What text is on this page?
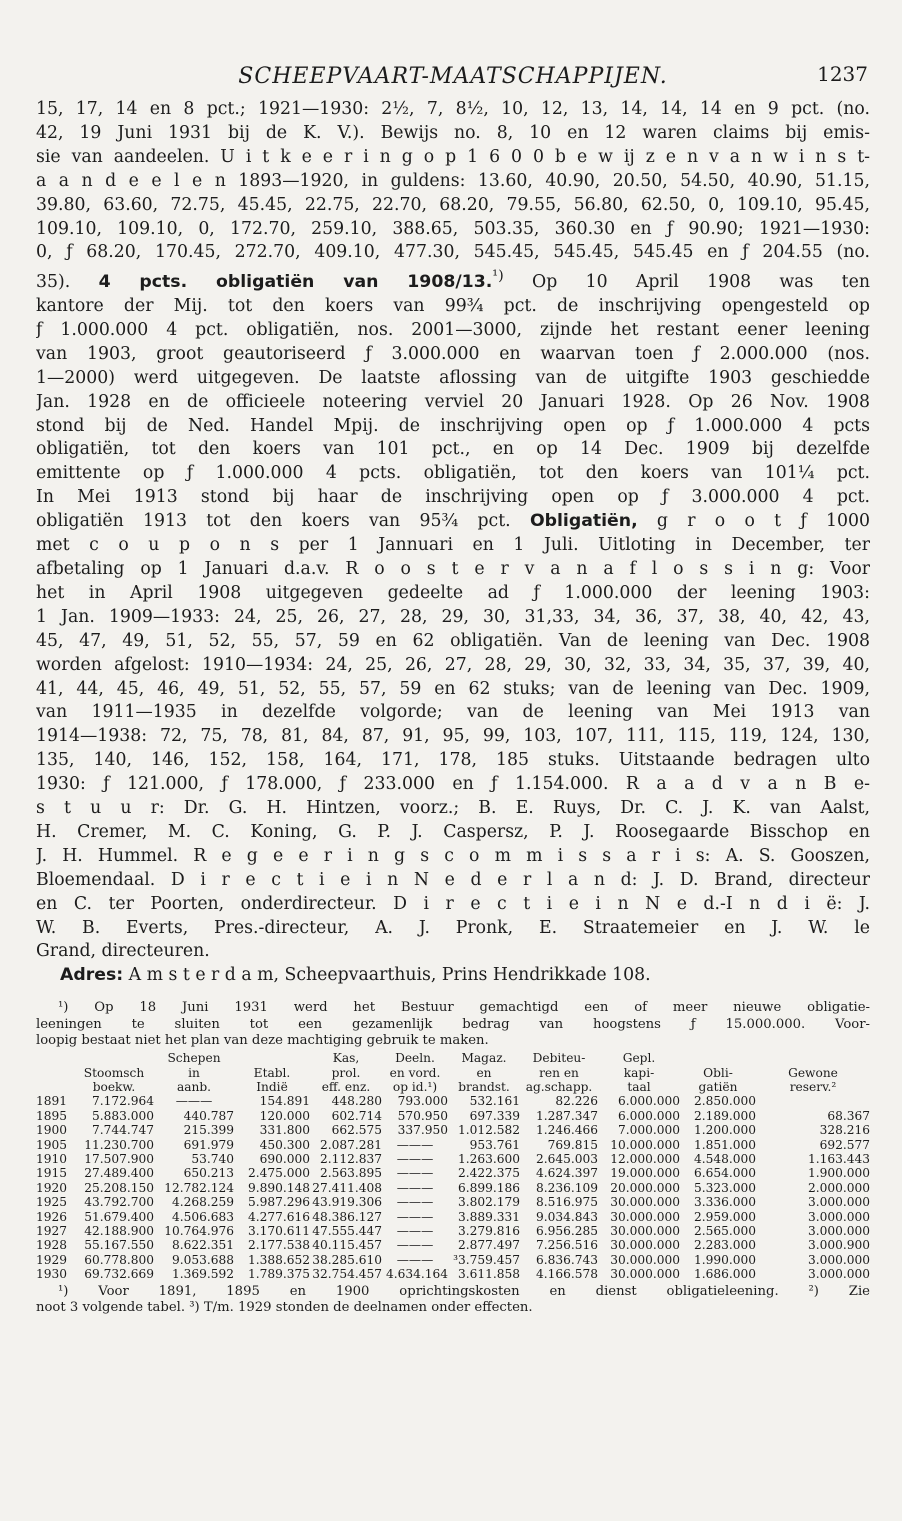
SCHEEPVAART-MAATSCHAPPIJEN.	1237
15, 17, 14 en 8 pct.; 1921—1930: 2½, 7, 8½, 10, 12, 13, 14, 14, 14 en 9 pct. (no.
42, 19 Juni 1931 bij de K. V.). Bewijs no. 8, 10 en 12 waren claims bij emis-
sie van aandeelen. U i t k e e r i n g o p 1 6 0 0 b e w ij z e n v a n w i n s t-
a a n d e e l e n 1893—1920, in guldens: 13.60, 40.90, 20.50, 54.50, 40.90, 51.15,
39.80, 63.60, 72.75, 45.45, 22.75, 22.70, 68.20, 79.55, 56.80, 62.50, 0, 109.10, 95.45,
109.10, 109.10, 0, 172.70, 259.10, 388.65, 503.35, 360.30 en ƒ 90.90; 1921—1930:
0, ƒ 68.20, 170.45, 272.70, 409.10, 477.30, 545.45, 545.45, 545.45 en ƒ 204.55 (no.
35). 4 pcts. obligatiën van 1908/13.$^{^1)}$ Op 10 April 1908 was ten
kantore der Mij. tot den koers van 99¾ pct. de inschrijving opengesteld op
ƒ 1.000.000 4 pct. obligatiën, nos. 2001—3000, zijnde het restant eener leening
van 1903, groot geautoriseerd ƒ 3.000.000 en waarvan toen ƒ 2.000.000 (nos.
1—2000) werd uitgegeven. De laatste aflossing van de uitgifte 1903 geschiedde
Jan. 1928 en de officieele noteering verviel 20 Januari 1928. Op 26 Nov. 1908
stond bij de Ned. Handel Mpij. de inschrijving open op ƒ 1.000.000 4 pcts
obligatiën, tot den koers van 101 pct., en op 14 Dec. 1909 bij dezelfde
emittente op ƒ 1.000.000 4 pcts. obligatiën, tot den koers van 101¼ pct.
In Mei 1913 stond bij haar de inschrijving open op ƒ 3.000.000 4 pct.
obligatiën 1913 tot den koers van 95¾ pct. Obligatiën, g r o o t ƒ 1000
met c o u p o n s per 1 Jannuari en 1 Juli. Uitloting in December, ter
afbetaling op 1 Januari d.a.v. R o o s t e r v a n a f l o s s i n g: Voor
het in April 1908 uitgegeven gedeelte ad ƒ 1.000.000 der leening 1903:
1 Jan. 1909—1933: 24, 25, 26, 27, 28, 29, 30, 31,33, 34, 36, 37, 38, 40, 42, 43,
45, 47, 49, 51, 52, 55, 57, 59 en 62 obligatiën. Van de leening van Dec. 1908
worden afgelost: 1910—1934: 24, 25, 26, 27, 28, 29, 30, 32, 33, 34, 35, 37, 39, 40,
41, 44, 45, 46, 49, 51, 52, 55, 57, 59 en 62 stuks; van de leening van Dec. 1909,
van 1911—1935 in dezelfde volgorde; van de leening van Mei 1913 van
1914—1938: 72, 75, 78, 81, 84, 87, 91, 95, 99, 103, 107, 111, 115, 119, 124, 130,
135, 140, 146, 152, 158, 164, 171, 178, 185 stuks. Uitstaande bedragen ulto
1930: ƒ 121.000, ƒ 178.000, ƒ 233.000 en ƒ 1.154.000. R a a d v a n B e-
s t u u r: Dr. G. H. Hintzen, voorz.; B. E. Ruys, Dr. C. J. K. van Aalst,
H. Cremer, M. C. Koning, G. P. J. Caspersz, P. J. Roosegaarde Bisschop en
J. H. Hummel. R e g e e r i n g s c o m m i s s a r i s: A. S. Gooszen,
Bloemendaal. D i r e c t i e i n N e d e r l a n d: J. D. Brand, directeur
en C. ter Poorten, onderdirecteur. D i r e c t i e i n N e d.-I n d i ë: J.
W. B. Everts, Pres.-directeur, A. J. Pronk, E. Straatemeier en J. W. le
Grand, directeuren.
Adres: A m s t e r d a m, Scheepvaarthuis, Prins Hendrikkade 108.
¹) Op 18 Juni 1931 werd het Bestuur gemachtigd een of meer nieuwe obligatie-
leeningen te sluiten tot een gezamenlijk bedrag van hoogstens ƒ 15.000.000. Voor-
loopig bestaat niet het plan van deze machtiging gebruik te maken.
		Schepen		Kas,	Deeln.	Magaz.	Debiteu-	Gepl.		
	Stoomsch	in	Etabl.	prol.	en vord.	en	ren en	kapi-	Obli-	Gewone
	boekw.	aanb.	Indië	eff. enz.	op id.¹)	brandst.	ag.schapp.	taal	gatiën	reserv.²
1891	7.172.964	———	154.891	448.280	793.000	532.161	82.226	6.000.000	2.850.000	
1895	5.883.000	440.787	120.000	602.714	570.950	697.339	1.287.347	6.000.000	2.189.000	68.367
1900	7.744.747	215.399	331.800	662.575	337.950	1.012.582	1.246.466	7.000.000	1.200.000	328.216
1905	11.230.700	691.979	450.300	2.087.281	———	953.761	769.815	10.000.000	1.851.000	692.577
1910	17.507.900	53.740	690.000	2.112.837	———	1.263.600	2.645.003	12.000.000	4.548.000	1.163.443
1915	27.489.400	650.213	2.475.000	2.563.895	———	2.422.375	4.624.397	19.000.000	6.654.000	1.900.000
1920	25.208.150	12.782.124	9.890.148	27.411.408	———	6.899.186	8.236.109	20.000.000	5.323.000	2.000.000
1925	43.792.700	4.268.259	5.987.296	43.919.306	———	3.802.179	8.516.975	30.000.000	3.336.000	3.000.000
1926	51.679.400	4.506.683	4.277.616	48.386.127	———	3.889.331	9.034.843	30.000.000	2.959.000	3.000.000
1927	42.188.900	10.764.976	3.170.611	47.555.447	———	3.279.816	6.956.285	30.000.000	2.565.000	3.000.000
1928	55.167.550	8.622.351	2.177.538	40.115.457	———	2.877.497	7.256.516	30.000.000	2.283.000	3.000.900
1929	60.778.800	9.053.688	1.388.652	38.285.610	———	³3.759.457	6.836.743	30.000.000	1.990.000	3.000.000
1930	69.732.669	1.369.592	1.789.375	32.754.457	4.634.164	3.611.858	4.166.578	30.000.000	1.686.000	3.000.000
¹) Voor 1891, 1895 en 1900 oprichtingskosten en dienst obligatieleening. ²) Zie
noot 3 volgende tabel. ³) T/m. 1929 stonden de deelnamen onder effecten.
